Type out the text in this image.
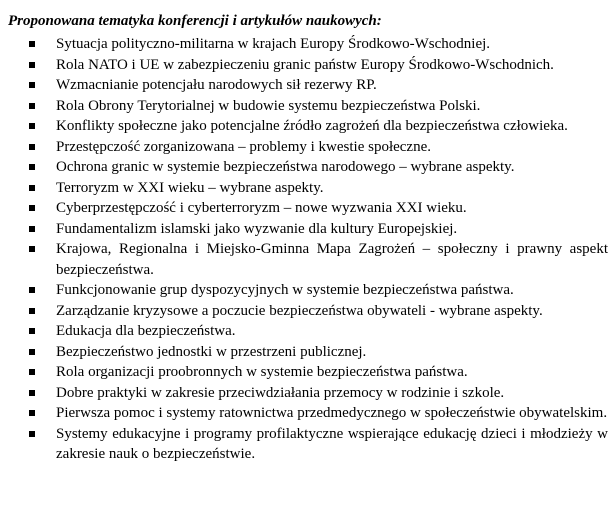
Proponowana tematyka konferencji i artykułów naukowych:

Sytuacja polityczno-militarna w krajach Europy Środkowo-Wschodniej.
Rola NATO i UE w zabezpieczeniu granic państw Europy Środkowo-Wschodnich.
Wzmacnianie potencjału narodowych sił rezerwy RP.
Rola Obrony Terytorialnej w budowie systemu bezpieczeństwa Polski.
Konflikty społeczne jako potencjalne źródło zagrożeń dla bezpieczeństwa człowieka.
Przestępczość zorganizowana – problemy i kwestie społeczne.
Ochrona granic w systemie bezpieczeństwa narodowego – wybrane aspekty.
Terroryzm w XXI wieku – wybrane aspekty.
Cyberprzestępczość i cyberterroryzm – nowe wyzwania XXI wieku.
Fundamentalizm islamski jako wyzwanie dla kultury Europejskiej.
Krajowa, Regionalna i Miejsko-Gminna Mapa Zagrożeń – społeczny i prawny aspekt bezpieczeństwa.
Funkcjonowanie grup dyspozycyjnych w systemie bezpieczeństwa państwa.
Zarządzanie kryzysowe a poczucie bezpieczeństwa obywateli - wybrane aspekty.
Edukacja dla bezpieczeństwa.
Bezpieczeństwo jednostki w przestrzeni publicznej.
Rola organizacji proobronnych w systemie bezpieczeństwa państwa.
Dobre praktyki w zakresie przeciwdziałania przemocy w rodzinie i szkole.
Pierwsza pomoc i systemy ratownictwa przedmedycznego w społeczeństwie obywatelskim.
Systemy edukacyjne i programy profilaktyczne wspierające edukację dzieci i młodzieży w zakresie nauk o bezpieczeństwie.
